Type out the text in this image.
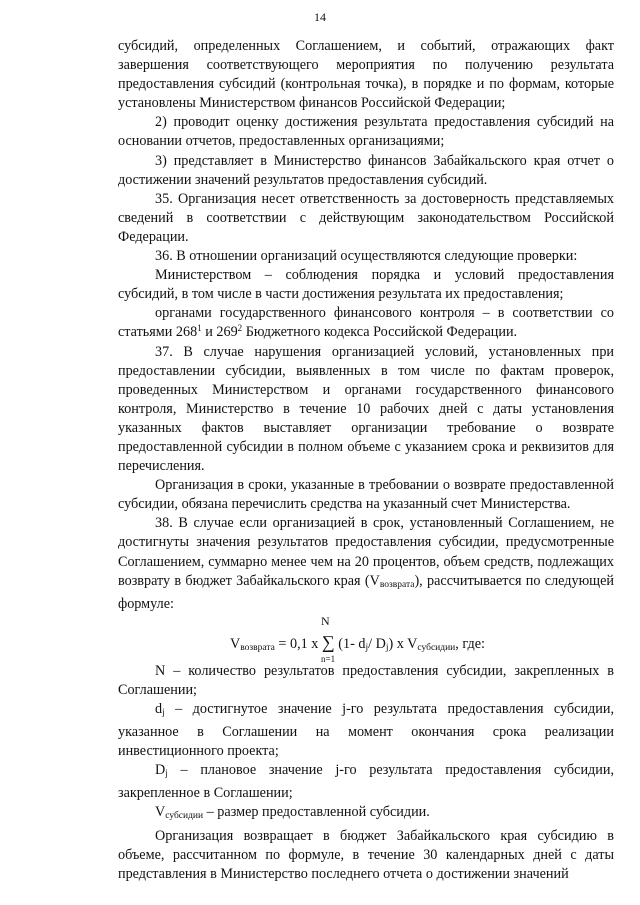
14

субсидий, определенных Соглашением, и событий, отражающих факт завершения соответствующего мероприятия по получению результата предоставления субсидий (контрольная точка), в порядке и по формам, которые установлены Министерством финансов Российской Федерации;

2) проводит оценку достижения результата предоставления субсидий на основании отчетов, предоставленных организациями;

3) представляет в Министерство финансов Забайкальского края отчет о достижении значений результатов предоставления субсидий.

35. Организация несет ответственность за достоверность представляемых сведений в соответствии с действующим законодательством Российской Федерации.

36. В отношении организаций осуществляются следующие проверки:

Министерством – соблюдения порядка и условий предоставления субсидий, в том числе в части достижения результата их предоставления;

органами государственного финансового контроля – в соответствии со статьями $268^1$ и $269^2$ Бюджетного кодекса Российской Федерации.

37. В случае нарушения организацией условий, установленных при предоставлении субсидии, выявленных в том числе по фактам проверок, проведенных Министерством и органами государственного финансового контроля, Министерство в течение 10 рабочих дней с даты установления указанных фактов выставляет организации требование о возврате предоставленной субсидии в полном объеме с указанием срока и реквизитов для перечисления.

Организация в сроки, указанные в требовании о возврате предоставленной субсидии, обязана перечислить средства на указанный счет Министерства.

38. В случае если организацией в срок, установленный Соглашением, не достигнуты значения результатов предоставления субсидии, предусмотренные Соглашением, суммарно менее чем на 20 процентов, объем средств, подлежащих возврату в бюджет Забайкальского края $(V_{возврата})$, рассчитывается по следующей формуле:

N
$V_{возврата} = 0,1$ x ∑ (1- $d_j/$ $D_j$) x $V_{субсидии}$, где:
n=1

N – количество результатов предоставления субсидии, закрепленных в Соглашении;

$d_j$ – достигнутое значение j-го результата предоставления субсидии, указанное в Соглашении на момент окончания срока реализации инвестиционного проекта;

$D_j$ – плановое значение j-го результата предоставления субсидии, закрепленное в Соглашении;

$V_{субсидии}$ – размер предоставленной субсидии.

Организация возвращает в бюджет Забайкальского края субсидию в объеме, рассчитанном по формуле, в течение 30 календарных дней с даты представления в Министерство последнего отчета о достижении значений
